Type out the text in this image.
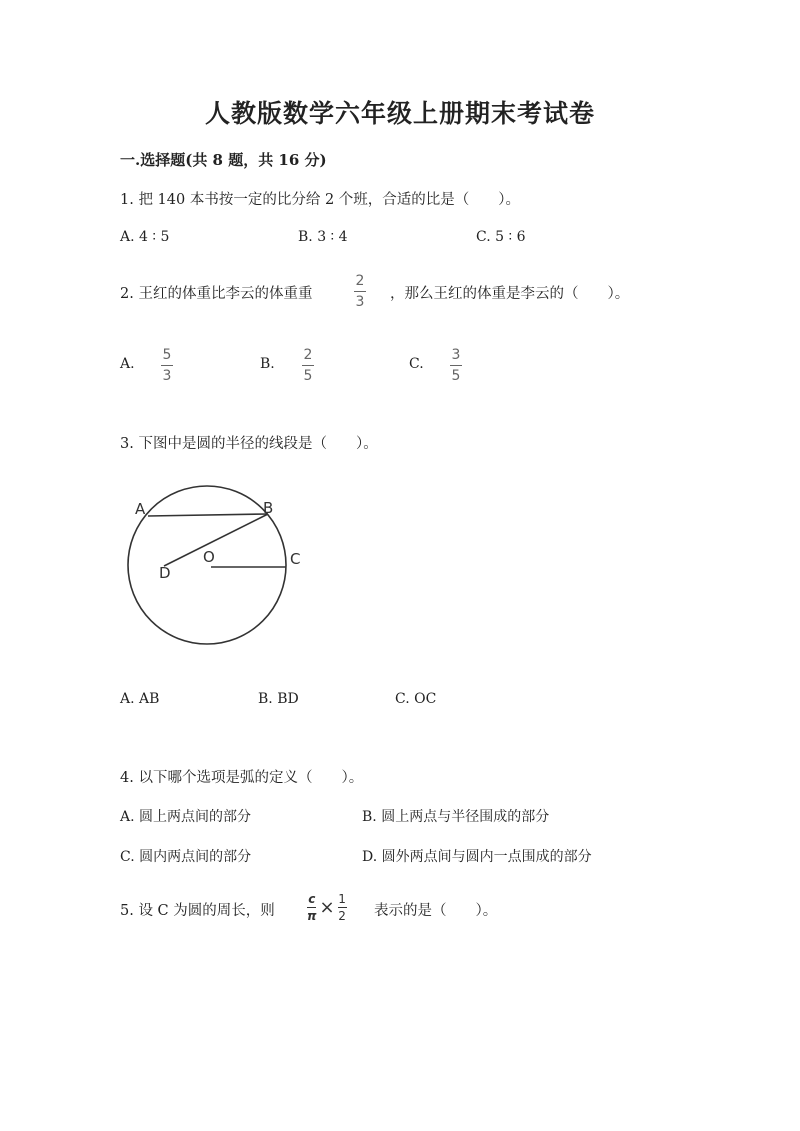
人教版数学六年级上册期末考试卷
一.选择题(共 8 题，共 16 分)
1. 把 140 本书按一定的比分给 2 个班，合适的比是（　　）。
A. 4 ∶ 5	B. 3 ∶ 4	C. 5 ∶ 6
2. 王红的体重比李云的体重重
2
3 ，那么王红的体重是李云的（　　）。
A.
5
3
B.
2
5
C.
3
5
3. 下图中是圆的半径的线段是（　　）。
A	B
C
D
O
A. AB	B. BD	C. OC
4. 以下哪个选项是弧的定义（　　）。
A. 圆上两点间的部分	B. 圆上两点与半径围成的部分
C. 圆内两点间的部分	D. 圆外两点间与圆内一点围成的部分
5. 设 C 为圆的周长，则	$\frac{c}{\pi} \times \frac{1}{2}$ 表示的是（　　）。
